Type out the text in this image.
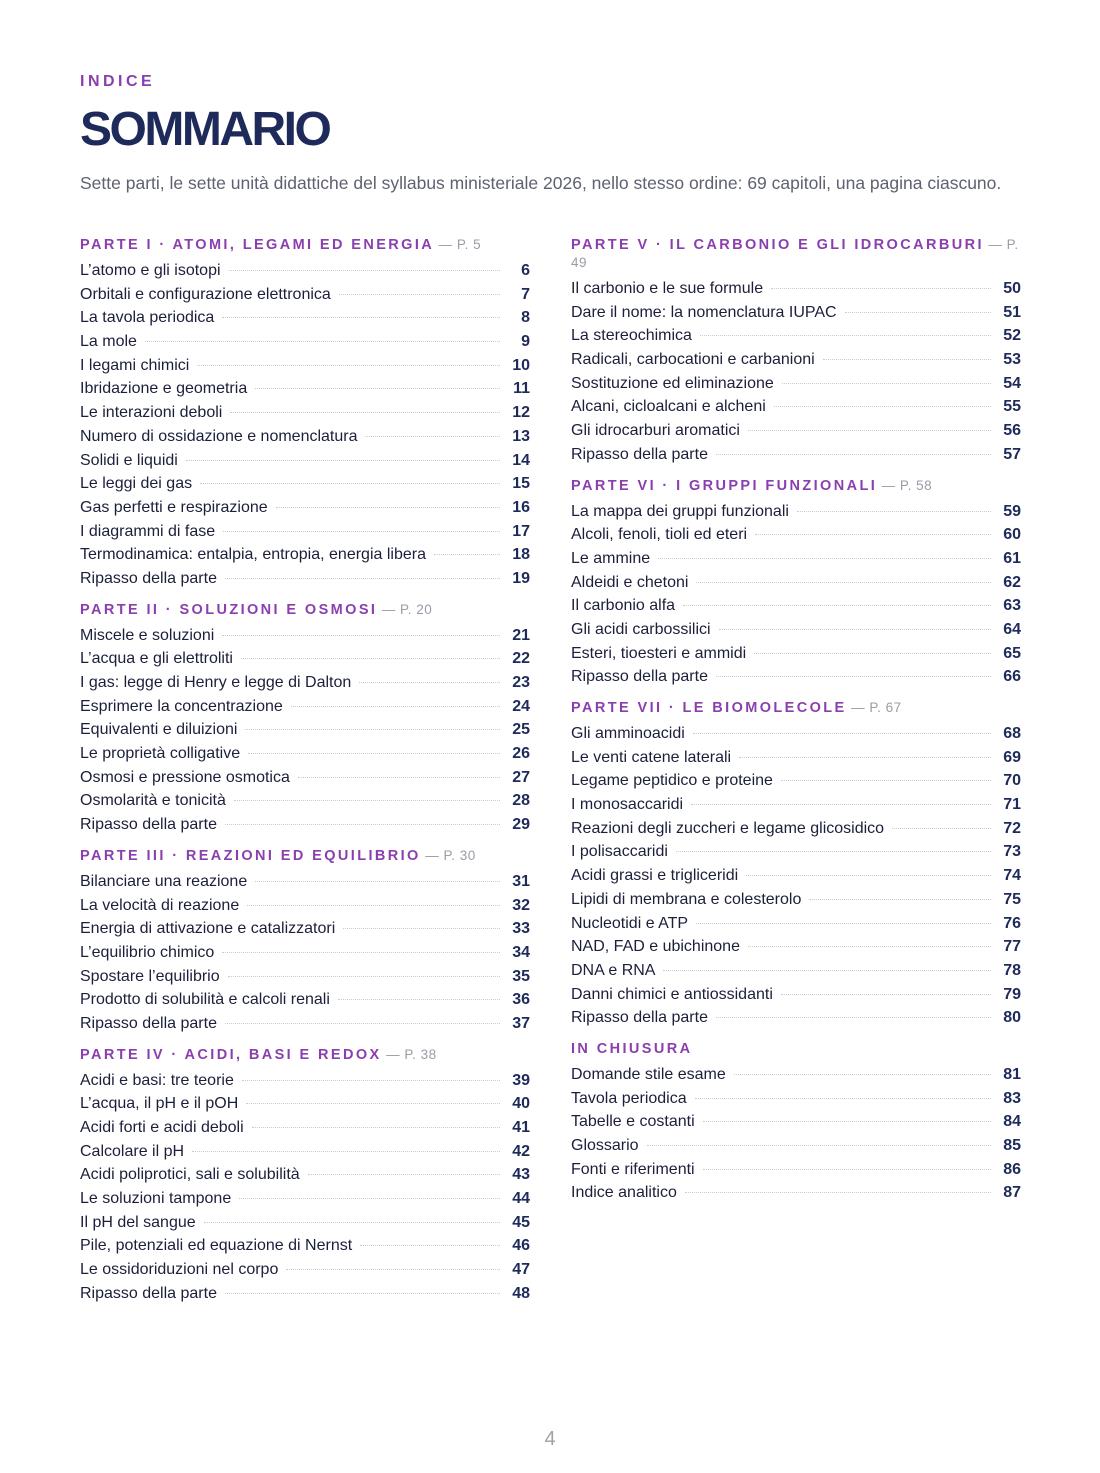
INDICE

SOMMARIO

Sette parti, le sette unità didattiche del syllabus ministeriale 2026, nello stesso ordine: 69 capitoli, una pagina ciascuno.

PARTE I · ATOMI, LEGAMI ED ENERGIA — P. 5
L’atomo e gli isotopi	6
Orbitali e configurazione elettronica	7
La tavola periodica	8
La mole	9
I legami chimici	10
Ibridazione e geometria	11
Le interazioni deboli	12
Numero di ossidazione e nomenclatura	13
Solidi e liquidi	14
Le leggi dei gas	15
Gas perfetti e respirazione	16
I diagrammi di fase	17
Termodinamica: entalpia, entropia, energia libera	18
Ripasso della parte	19
PARTE II · SOLUZIONI E OSMOSI — P. 20
Miscele e soluzioni	21
L’acqua e gli elettroliti	22
I gas: legge di Henry e legge di Dalton	23
Esprimere la concentrazione	24
Equivalenti e diluizioni	25
Le proprietà colligative	26
Osmosi e pressione osmotica	27
Osmolarità e tonicità	28
Ripasso della parte	29
PARTE III · REAZIONI ED EQUILIBRIO — P. 30
Bilanciare una reazione	31
La velocità di reazione	32
Energia di attivazione e catalizzatori	33
L’equilibrio chimico	34
Spostare l’equilibrio	35
Prodotto di solubilità e calcoli renali	36
Ripasso della parte	37
PARTE IV · ACIDI, BASI E REDOX — P. 38
Acidi e basi: tre teorie	39
L’acqua, il pH e il pOH	40
Acidi forti e acidi deboli	41
Calcolare il pH	42
Acidi poliprotici, sali e solubilità	43
Le soluzioni tampone	44
Il pH del sangue	45
Pile, potenziali ed equazione di Nernst	46
Le ossidoriduzioni nel corpo	47
Ripasso della parte	48
PARTE V · IL CARBONIO E GLI IDROCARBURI — P. 49
Il carbonio e le sue formule	50
Dare il nome: la nomenclatura IUPAC	51
La stereochimica	52
Radicali, carbocationi e carbanioni	53
Sostituzione ed eliminazione	54
Alcani, cicloalcani e alcheni	55
Gli idrocarburi aromatici	56
Ripasso della parte	57
PARTE VI · I GRUPPI FUNZIONALI — P. 58
La mappa dei gruppi funzionali	59
Alcoli, fenoli, tioli ed eteri	60
Le ammine	61
Aldeidi e chetoni	62
Il carbonio alfa	63
Gli acidi carbossilici	64
Esteri, tioesteri e ammidi	65
Ripasso della parte	66
PARTE VII · LE BIOMOLECOLE — P. 67
Gli amminoacidi	68
Le venti catene laterali	69
Legame peptidico e proteine	70
I monosaccaridi	71
Reazioni degli zuccheri e legame glicosidico	72
I polisaccaridi	73
Acidi grassi e trigliceridi	74
Lipidi di membrana e colesterolo	75
Nucleotidi e ATP	76
NAD, FAD e ubichinone	77
DNA e RNA	78
Danni chimici e antiossidanti	79
Ripasso della parte	80
IN CHIUSURA
Domande stile esame	81
Tavola periodica	83
Tabelle e costanti	84
Glossario	85
Fonti e riferimenti	86
Indice analitico	87
4
